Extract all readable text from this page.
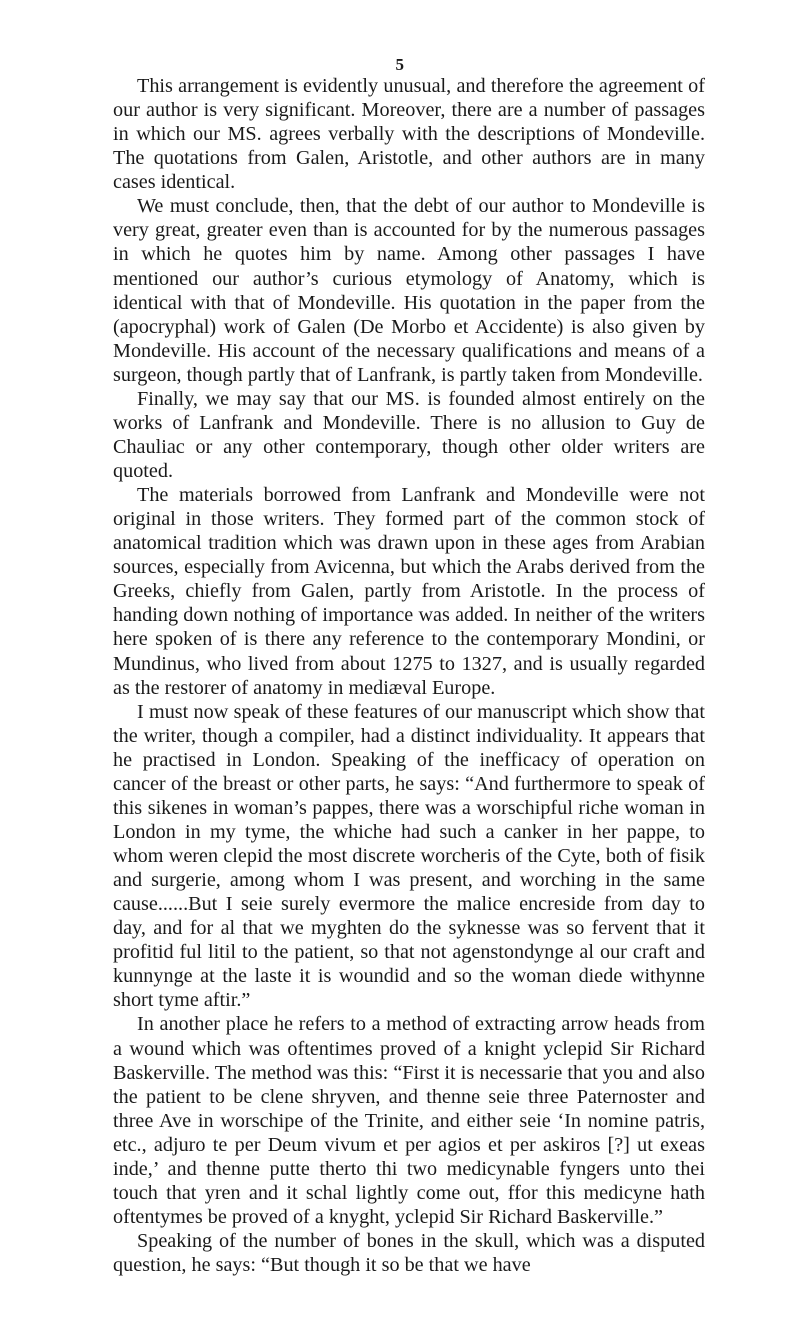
5

This arrangement is evidently unusual, and therefore the agreement of our author is very significant. Moreover, there are a number of passages in which our MS. agrees verbally with the descriptions of Mondeville. The quotations from Galen, Aristotle, and other authors are in many cases identical.

We must conclude, then, that the debt of our author to Mondeville is very great, greater even than is accounted for by the numerous passages in which he quotes him by name. Among other passages I have mentioned our author’s curious etymology of Anatomy, which is identical with that of Mondeville. His quotation in the paper from the (apocryphal) work of Galen (De Morbo et Accidente) is also given by Mondeville. His account of the necessary qualifications and means of a surgeon, though partly that of Lanfrank, is partly taken from Mondeville.

Finally, we may say that our MS. is founded almost entirely on the works of Lanfrank and Mondeville. There is no allusion to Guy de Chauliac or any other contemporary, though other older writers are quoted.

The materials borrowed from Lanfrank and Mondeville were not original in those writers. They formed part of the common stock of anatomical tradition which was drawn upon in these ages from Arabian sources, especially from Avicenna, but which the Arabs derived from the Greeks, chiefly from Galen, partly from Aristotle. In the process of handing down nothing of importance was added. In neither of the writers here spoken of is there any reference to the contemporary Mondini, or Mundinus, who lived from about 1275 to 1327, and is usually regarded as the restorer of anatomy in mediæval Europe.

I must now speak of these features of our manuscript which show that the writer, though a compiler, had a distinct individuality. It appears that he practised in London. Speaking of the inefficacy of operation on cancer of the breast or other parts, he says: “And furthermore to speak of this sikenes in woman’s pappes, there was a worschipful riche woman in London in my tyme, the whiche had such a canker in her pappe, to whom weren clepid the most discrete worcheris of the Cyte, both of fisik and surgerie, among whom I was present, and worching in the same cause......But I seie surely evermore the malice encreside from day to day, and for al that we myghten do the syknesse was so fervent that it profitid ful litil to the patient, so that not agenstondynge al our craft and kunnynge at the laste it is woundid and so the woman diede withynne short tyme aftir.”

In another place he refers to a method of extracting arrow heads from a wound which was oftentimes proved of a knight yclepid Sir Richard Baskerville. The method was this: “First it is necessarie that you and also the patient to be clene shryven, and thenne seie three Paternoster and three Ave in worschipe of the Trinite, and either seie ‘In nomine patris, etc., adjuro te per Deum vivum et per agios et per askiros [?] ut exeas inde,’ and thenne putte therto thi two medicynable fyngers unto thei touch that yren and it schal lightly come out, ffor this medicyne hath oftentymes be proved of a knyght, yclepid Sir Richard Baskerville.”

Speaking of the number of bones in the skull, which was a disputed question, he says: “But though it so be that we have
